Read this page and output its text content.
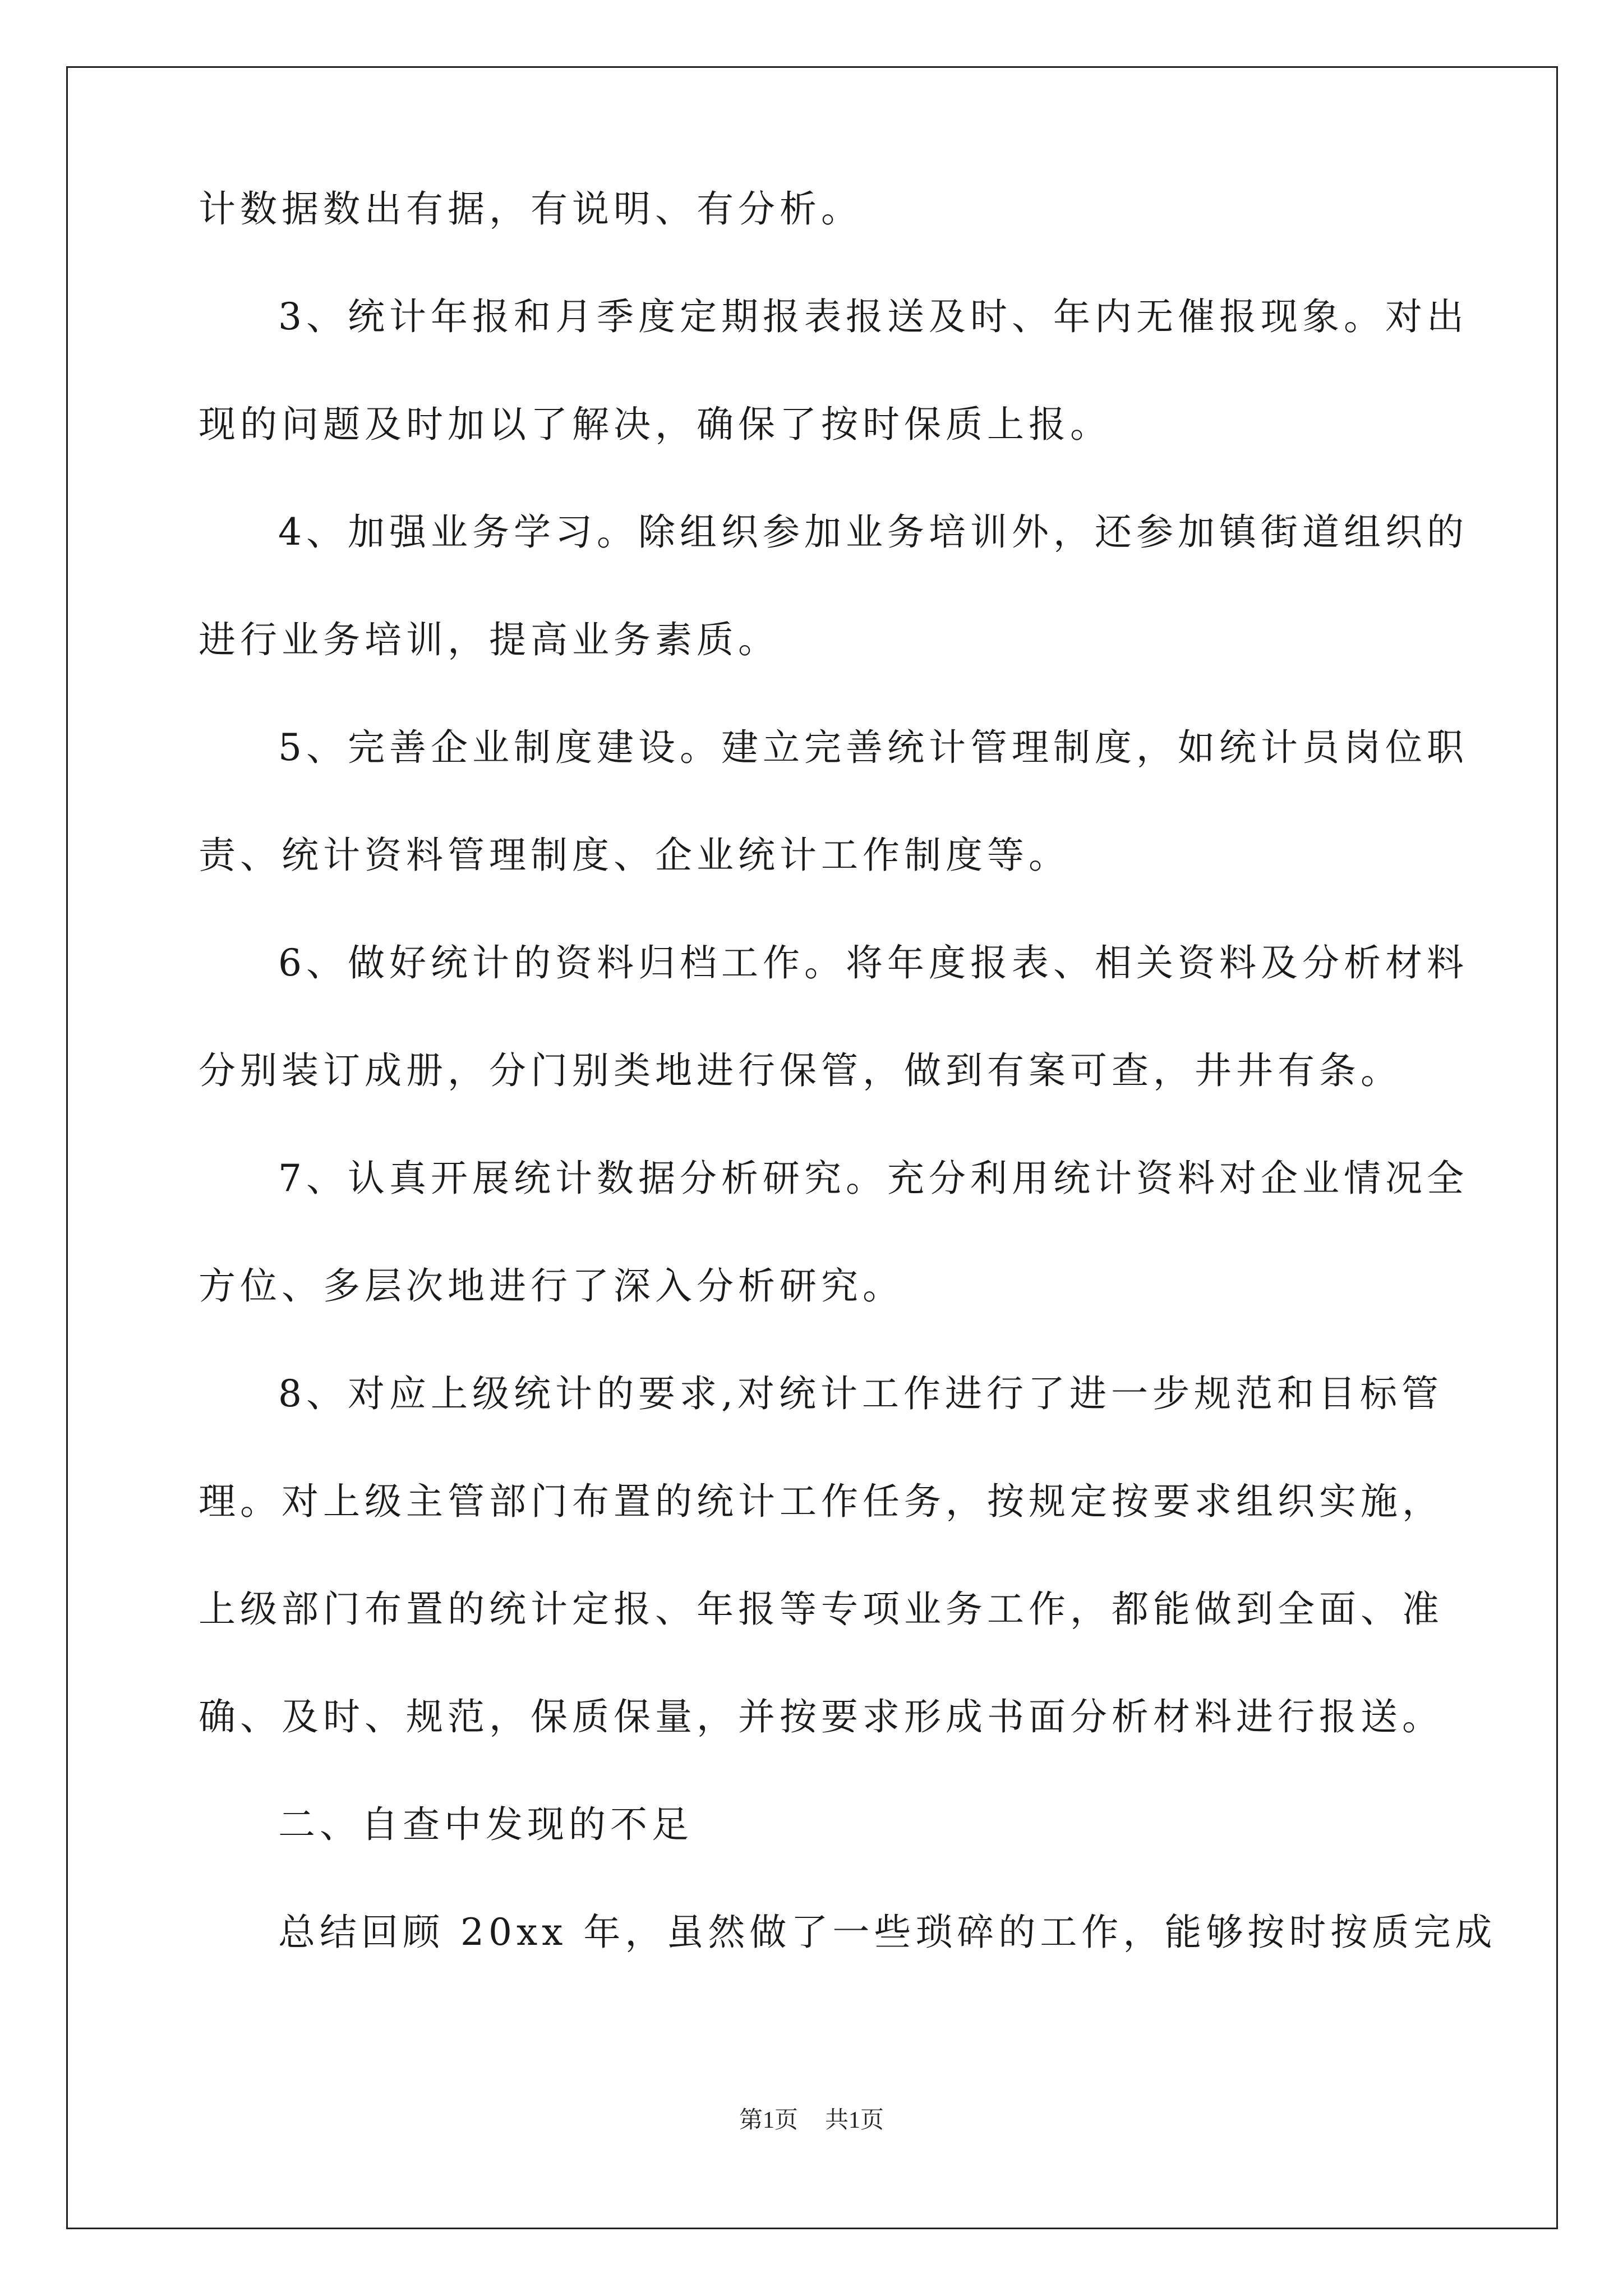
计数据数出有据，有说明、有分析。
3、统计年报和月季度定期报表报送及时、年内无催报现象。对出
现的问题及时加以了解决，确保了按时保质上报。
4、加强业务学习。除组织参加业务培训外，还参加镇街道组织的
进行业务培训，提高业务素质。
5、完善企业制度建设。建立完善统计管理制度，如统计员岗位职
责、统计资料管理制度、企业统计工作制度等。
6、做好统计的资料归档工作。将年度报表、相关资料及分析材料
分别装订成册，分门别类地进行保管，做到有案可查，井井有条。
7、认真开展统计数据分析研究。充分利用统计资料对企业情况全
方位、多层次地进行了深入分析研究。
8、对应上级统计的要求,对统计工作进行了进一步规范和目标管
理。对上级主管部门布置的统计工作任务，按规定按要求组织实施，
上级部门布置的统计定报、年报等专项业务工作，都能做到全面、准
确、及时、规范，保质保量，并按要求形成书面分析材料进行报送。
二、自查中发现的不足
总结回顾 20xx 年，虽然做了一些琐碎的工作，能够按时按质完成
第1页 共1页
